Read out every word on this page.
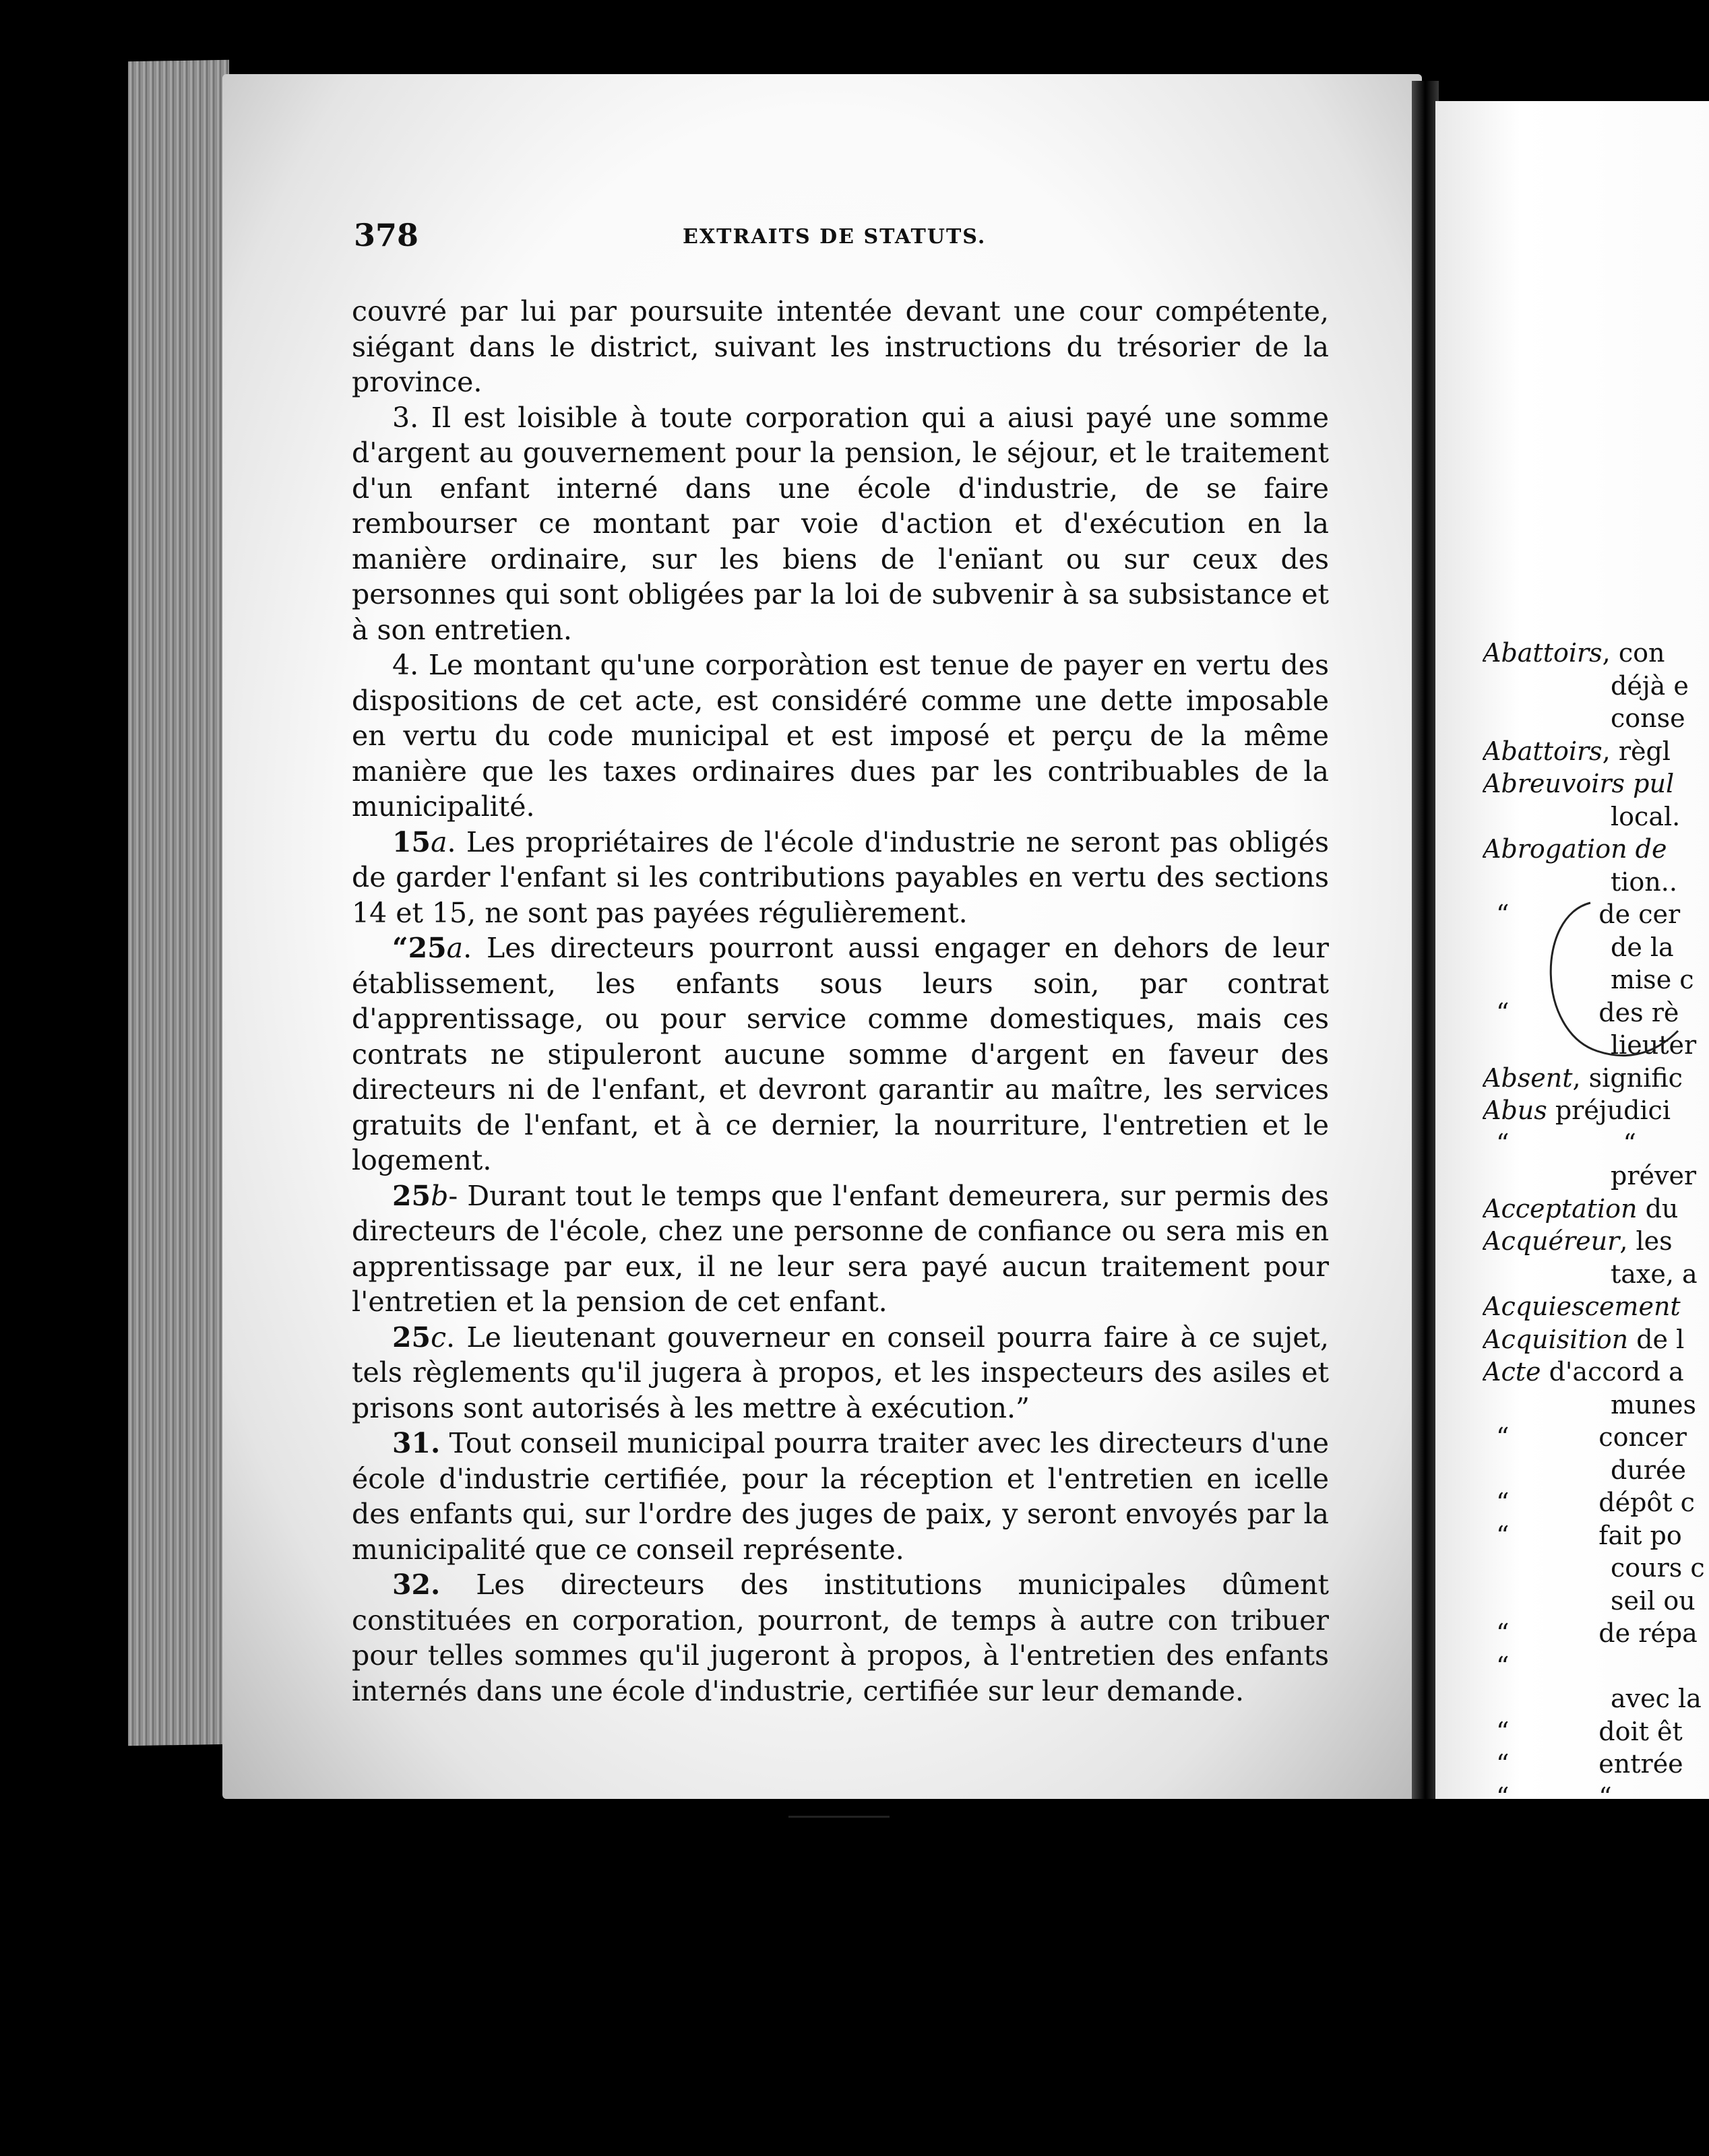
378	EXTRAITS DE STATUTS.

couvré par lui par poursuite intentée devant une cour compétente, siégant dans le district, suivant les instructions du trésorier de la province.

3. Il est loisible à toute corporation qui a aiusi payé une somme d'argent au gouvernement pour la pension, le séjour, et le traitement d'un enfant interné dans une école d'industrie, de se faire rembourser ce montant par voie d'action et d'exécution en la manière ordinaire, sur les biens de l'enïant ou sur ceux des personnes qui sont obligées par la loi de subvenir à sa subsistance et à son entretien.

4. Le montant qu'une corporàtion est tenue de payer en vertu des dispositions de cet acte, est considéré comme une dette imposable en vertu du code municipal et est imposé et perçu de la même manière que les taxes ordinaires dues par les contribuables de la municipalité.

15a. Les propriétaires de l'école d'industrie ne seront pas obligés de garder l'enfant si les contributions payables en vertu des sections 14 et 15, ne sont pas payées régulièrement.

“25a. Les directeurs pourront aussi engager en dehors de leur établissement, les enfants sous leurs soin, par contrat d'apprentissage, ou pour service comme domestiques, mais ces contrats ne stipuleront aucune somme d'argent en faveur des directeurs ni de l'enfant, et devront garantir au maître, les services gratuits de l'enfant, et à ce dernier, la nourriture, l'entretien et le logement.

25b- Durant tout le temps que l'enfant demeurera, sur permis des directeurs de l'école, chez une personne de confiance ou sera mis en apprentissage par eux, il ne leur sera payé aucun traitement pour l'entretien et la pension de cet enfant.

25c. Le lieutenant gouverneur en conseil pourra faire à ce sujet, tels règlements qu'il jugera à propos, et les inspecteurs des asiles et prisons sont autorisés à les mettre à exécution.”

31. Tout conseil municipal pourra traiter avec les directeurs d'une école d'industrie certifiée, pour la réception et l'entretien en icelle des enfants qui, sur l'ordre des juges de paix, y seront envoyés par la municipalité que ce conseil représente.

32. Les directeurs des institutions municipales dûment constituées en corporation, pourront, de temps à autre con tribuer pour telles sommes qu'il jugeront à propos, à l'entretien des enfants internés dans une école d'industrie, certifiée sur leur demande.

Abattoirs, con
déjà e
conse
Abattoirs, règl
Abreuvoirs pul
local.
Abrogation de
tion..
“           de cer
de la
mise c
“           des rè
lieuter
Absent, signific
Abus préjudici
“              “
préver
Acceptation du
Acquéreur, les
taxe, a
Acquiescement
Acquisition de l
Acte d'accord a
munes
“           concer
durée
“           dépôt c
“           fait po
cours c
seil ou
“           de répa
“
avec la
“           doit êt
“           entrée
“           “
